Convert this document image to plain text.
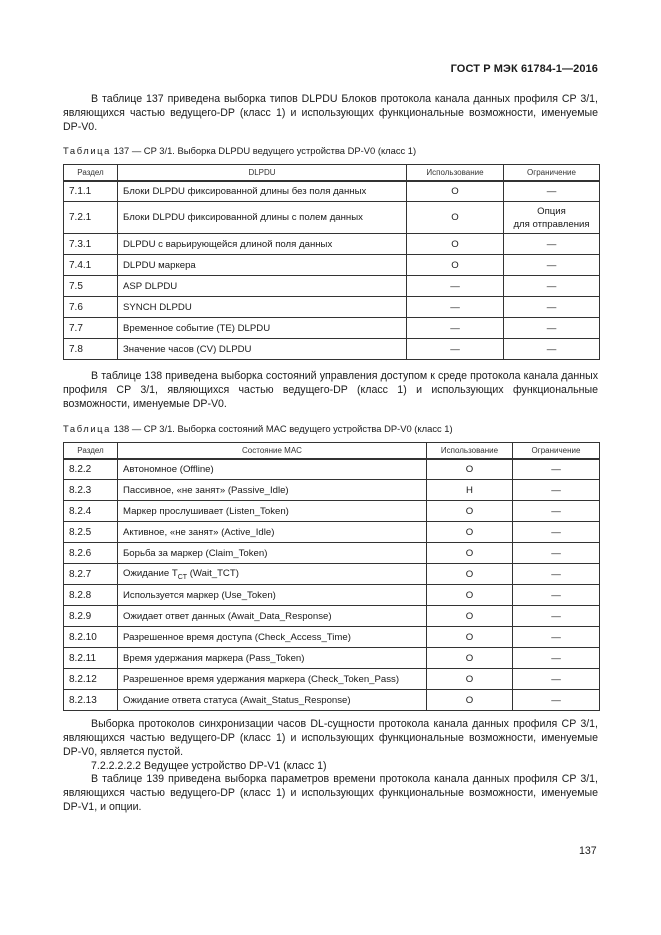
ГОСТ Р МЭК 61784-1—2016

В таблице 137 приведена выборка типов DLPDU Блоков протокола канала данных профиля CP 3/1, являющихся частью ведущего-DP (класс 1) и использующих функциональные возможности, именуемые DP-V0.

Таблица 137 — CP 3/1. Выборка DLPDU ведущего устройства DP-V0 (класс 1)
Раздел	DLPDU	Использование	Ограничение
7.1.1	Блоки DLPDU фиксированной длины без поля данных	O	—
7.2.1	Блоки DLPDU фиксированной длины с полем данных	O	Опция
для отправления

7.3.1	DLPDU с варьирующейся длиной поля данных	O	—
7.4.1	DLPDU маркера	O	—
7.5	ASP DLPDU	—	—
7.6	SYNCH DLPDU	—	—
7.7	Временное событие (TE) DLPDU	—	—
7.8	Значение часов (CV) DLPDU	—	—

В таблице 138 приведена выборка состояний управления доступом к среде протокола канала данных профиля CP 3/1, являющихся частью ведущего-DP (класс 1) и использующих функциональные возможности, именуемые DP-V0.

Таблица 138 — CP 3/1. Выборка состояний MAC ведущего устройства DP-V0 (класс 1)
Раздел	Состояние MAC	Использование	Ограничение
8.2.2	Автономное (Offline)	O	—
8.2.3	Пассивное, «не занят» (Passive_Idle)	H	—
8.2.4	Маркер прослушивает (Listen_Token)	O	—
8.2.5	Активное, «не занят» (Active_Idle)	O	—
8.2.6	Борьба за маркер (Claim_Token)	O	—
8.2.7	Ожидание $T_{CT}$ (Wait_TCT)	O	—
8.2.8	Используется маркер (Use_Token)	O	—
8.2.9	Ожидает ответ данных (Await_Data_Response)	O	—
8.2.10	Разрешенное время доступа (Check_Access_Time)	O	—
8.2.11	Время удержания маркера (Pass_Token)	O	—
8.2.12	Разрешенное время удержания маркера (Check_Token_Pass)	O	—
8.2.13	Ожидание ответа статуса (Await_Status_Response)	O	—

Выборка протоколов синхронизации часов DL-сущности протокола канала данных профиля CP 3/1, являющихся частью ведущего-DP (класс 1) и использующих функциональные возможности, именуемые DP-V0, является пустой.

7.2.2.2.2.2 Ведущее устройство DP-V1 (класс 1)

В таблице 139 приведена выборка параметров времени протокола канала данных профиля CP 3/1, являющихся частью ведущего-DP (класс 1) и использующих функциональные возможности, именуемые DP-V1, и опции.

137
